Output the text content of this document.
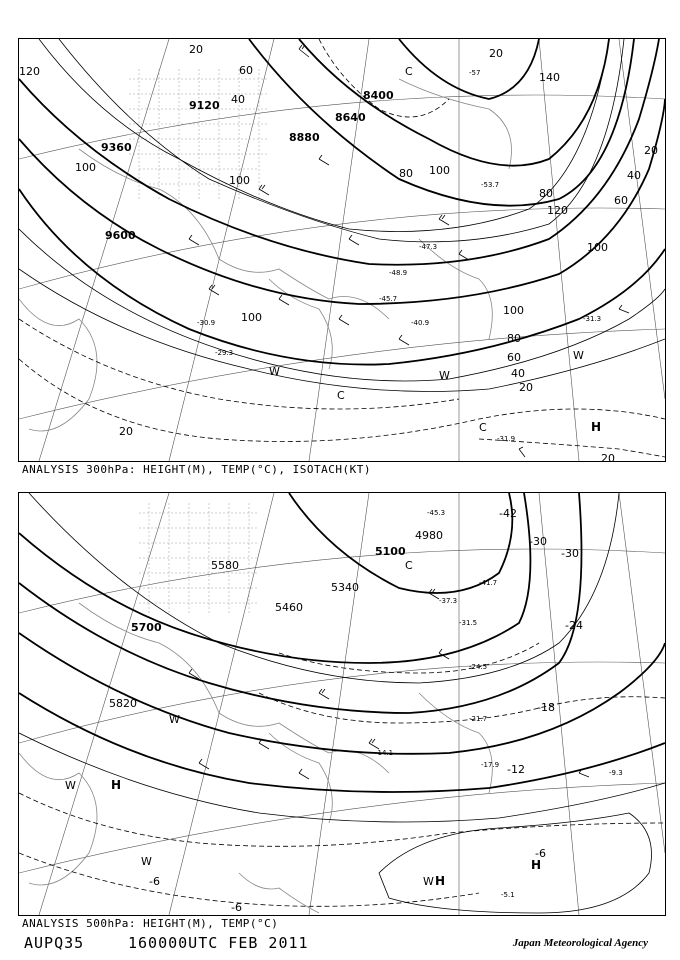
9120
9360
9600
8400
8640
8880
20
40
60
100
100	80 100
20
140
120
80
100
20
40
60
100
80
60
40
20
20
20
120
100
-57
-53.7
-48.9
-47.3
-45.7
-40.9	-31.3
-30.9
-29.3
-31.9
C
C
W	W
C	H
W
ANALYSIS 300hPa: HEIGHT(M), TEMP(°C), ISOTACH(KT)
5100
4980
5340
5580
5460
5700
5820
-42
-30
-30
-24
-18
-12
-6
-6
-6
-45.3
-41.7
-37.3
-31.5
-24.5
-21.7
-17.9
-14.1
-9.3
-5.1
C
W
W	H
W
H
H
W
ANALYSIS 500hPa: HEIGHT(M), TEMP(°C)
AUPQ35	160000UTC FEB 2011	Japan Meteorological Agency
